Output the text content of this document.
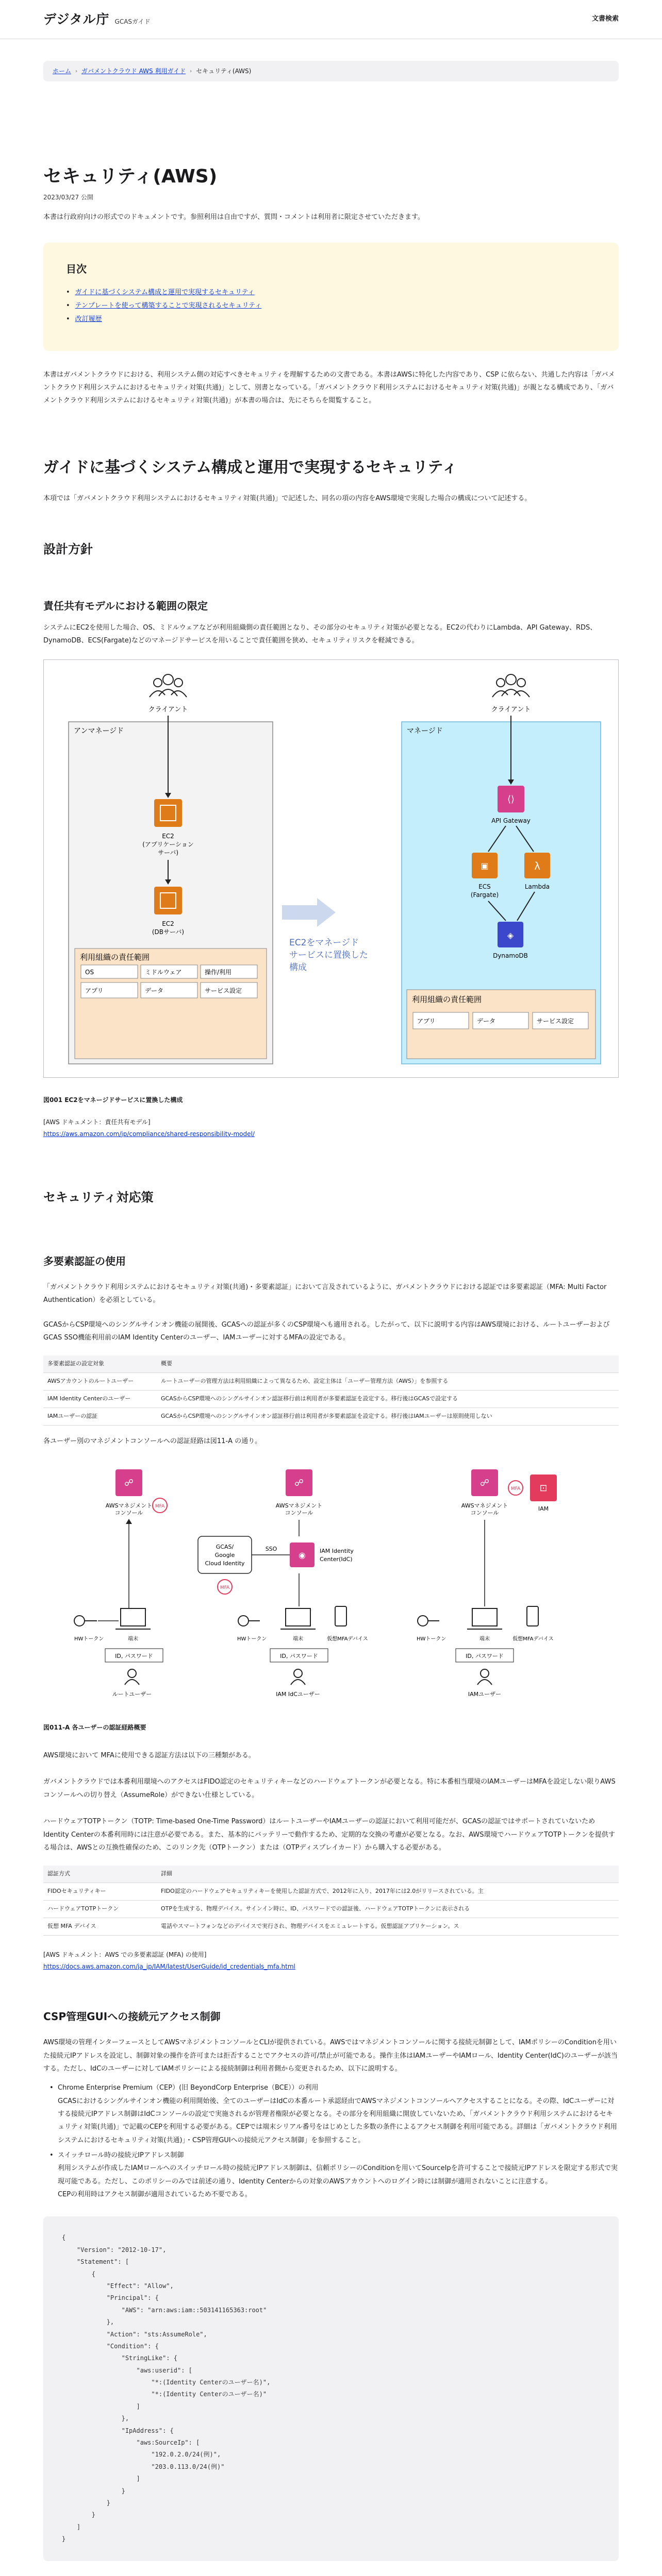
デジタル庁 GCASガイド	文書検索
ホーム › ガバメントクラウド AWS 利用ガイド › セキュリティ(AWS)
セキュリティ(AWS)
2023/03/27 公開

本書は行政府向けの形式でのドキュメントです。参照利用は自由ですが、質問・コメントは利用者に限定させていただきます。

目次
• ガイドに基づくシステム構成と運用で実現するセキュリティ
• テンプレートを使って構築することで実現されるセキュリティ
• 改訂履歴

本書はガバメントクラウドにおける、利用システム側の対応すべきセキュリティを理解するための文書である。本書はAWSに特化した内容であり、CSP に依らない、共通した内容は「ガバメントクラウド利用システムにおけるセキュリティ対策(共通)」として、別書となっている。「ガバメントクラウド利用システムにおけるセキュリティ対策(共通)」が親となる構成であり、「ガバメントクラウド利用システムにおけるセキュリティ対策(共通)」が本書の場合は、先にそちらを閲覧すること。

ガイドに基づくシステム構成と運用で実現するセキュリティ

本項では「ガバメントクラウド利用システムにおけるセキュリティ対策(共通)」で記述した、同名の項の内容をAWS環境で実現した場合の構成について記述する。

設計方針
責任共有モデルにおける範囲の限定

システムにEC2を使用した場合、OS、ミドルウェアなどが利用組織側の責任範囲となり、その部分のセキュリティ対策が必要となる。EC2の代わりにLambda、API Gateway、RDS、DynamoDB、ECS(Fargate)などのマネージドサービスを用いることで責任範囲を狭め、セキュリティリスクを軽減できる。

クライアント	クライアント
アンマネージド
EC2
(アプリケーション
サーバ)
EC2
(DBサーバ)
利用組織の責任範囲
OS	ミドルウェア	操作/利用
アプリ	データ	サービス設定
EC2をマネージド
サービスに置換した
構成
マネージド
⟨⟩
API Gateway
▣
ECS
(Fargate)
λ
Lambda
◈
DynamoDB
利用組織の責任範囲
アプリ	データ	サービス設定
図001 EC2をマネージドサービスに置換した構成
[AWS ドキュメント：責任共有モデル]
https://aws.amazon.com/jp/compliance/shared-responsibility-model/
セキュリティ対応策
多要素認証の使用

「ガバメントクラウド利用システムにおけるセキュリティ対策(共通)・多要素認証」において言及されているように、ガバメントクラウドにおける認証では多要素認証（MFA: Multi Factor Authentication）を必須としている。

GCASからCSP環境へのシングルサインオン機能の展開後、GCASへの認証が多くのCSP環境へも適用される。したがって、以下に説明する内容はAWS環境における、ルートユーザーおよびGCAS SSO機能利用前のIAM Identity Centerのユーザー、IAMユーザーに対するMFAの設定である。

多要素認証の設定対象	概要
AWSアカウントのルートユーザー	ルートユーザーの管理方法は利用組織によって異なるため、設定主体は「ユーザー管理方法（AWS）」を参照する
IAM Identity Centerのユーザー	GCASからCSP環境へのシングルサインオン認証移行前は利用者が多要素認証を設定する。移行後はGCASで設定する
IAMユーザーの認証	GCASからCSP環境へのシングルサインオン認証移行前は利用者が多要素認証を設定する。移行後はIAMユーザーは原則使用しない

各ユーザー別のマネジメントコンソールへの認証経路は図11-A の通り。

☍
AWSマネジメント
コンソール
MFA
☍
AWSマネジメント
コンソール
GCAS/
Google
Cloud Identity
SSO
◉ IAM Identity
Center(IdC)
MFA
☍
AWSマネジメント
コンソール
MFA ⊡
IAM
HWトークン	端末
ID, パスワード
ルートユーザー
HWトークン	端末	仮想MFAデバイス
ID, パスワード
IAM IdCユーザー
HWトークン	端末	仮想MFAデバイス
ID, パスワード
IAMユーザー
図011-A 各ユーザーの認証経路概要

AWS環境において MFAに使用できる認証方法は以下の三種類がある。

ガバメントクラウドでは本番利用環境へのアクセスはFIDO認定のセキュリティキーなどのハードウェアトークンが必要となる。特に本番相当環境のIAMユーザーはMFAを設定しない限りAWSコンソールへの切り替え（AssumeRole）ができない仕様としている。

ハードウェアTOTPトークン（TOTP: Time-based One-Time Password）はルートユーザーやIAMユーザーの認証において利用可能だが、GCASの認証ではサポートされていないためIdentity Centerの本番利用時には注意が必要である。また、基本的にバッテリーで動作するため、定期的な交換の考慮が必要となる。なお、AWS環境でハードウェアTOTPトークンを提供する場合は、AWSとの互換性確保のため、このリンク先（OTPトークン）または（OTPディスプレイカード）から購入する必要がある。

認証方式	詳細
FIDOセキュリティキー	FIDO認定のハードウェアセキュリティキーを使用した認証方式で、2012年に入り、2017年には2.0がリリースされている。主
ハードウェアTOTPトークン	OTPを生成する、物理デバイス。サインイン時に、ID、パスワードでの認証後、ハードウェアTOTPトークンに表示される
仮想 MFA デバイス	電話やスマートフォンなどのデバイスで実行され、物理デバイスをエミュレートする。仮想認証アプリケーション。ス
[AWS ドキュメント：AWS での多要素認証 (MFA) の使用]
https://docs.aws.amazon.com/ja_jp/IAM/latest/UserGuide/id_credentials_mfa.html
CSP管理GUIへの接続元アクセス制御

AWS環境の管理インターフェースとしてAWSマネジメントコンソールとCLIが提供されている。AWSではマネジメントコンソールに関する接続元制御として、IAMポリシーのConditionを用いた接続元IPアドレスを設定し、制御対象の操作を許可または拒否することでアクセスの許可/禁止が可能である。操作主体はIAMユーザーやIAMロール、Identity Center(IdC)のユーザーが該当する。ただし、IdCのユーザーに対してIAMポリシーによる接続制御は利用者側から変更されるため、以下に説明する。

• Chrome Enterprise Premium（CEP）(旧 BeyondCorp Enterprise（BCE））の利用
GCASにおけるシングルサインオン機能の利用開始後、全てのユーザーはIdCの本番ルート承認経由でAWSマネジメントコンソールへアクセスすることになる。その際、IdCユーザーに対する接続元IPアドレス制御はIdCコンソールの設定で実施されるが管理者権限が必要となる。その部分を利用組織に開放していないため、「ガバメントクラウド利用システムにおけるセキュリティ対策(共通)」で記載のCEPを利用する必要がある。CEPでは端末シリアル番号をはじめとした多数の条件によるアクセス制御を利用可能である。詳細は「ガバメントクラウド利用システムにおけるセキュリティ対策(共通)」・CSP管理GUIへの接続元アクセス制御」を参照すること。
• スイッチロール時の接続元IPアドレス制御
利用システムが作成したIAMロールへのスイッチロール時の接続元IPアドレス制御は、信頼ポリシーのConditionを用いてSourceIpを許可することで接続元IPアドレスを限定する形式で実現可能である。ただし、このポリシーのみでは前述の通り、Identity Centerからの対象のAWSアカウントへのログイン時には制御が適用されないことに注意する。
CEPの利用時はアクセス制御が適用されているため不要である。
{
"Version": "2012-10-17",
"Statement": [
{
"Effect": "Allow",
"Principal": {
"AWS": "arn:aws:iam::503141165363:root"
},
"Action": "sts:AssumeRole",
"Condition": {
"StringLike": {
"aws:userid": [
"*:(Identity Centerのユーザー名)",
"*:(Identity Centerのユーザー名)"
]
},
"IpAddress": {
"aws:SourceIp": [
"192.0.2.0/24(例)",
"203.0.113.0/24(例)"
]
}
}
}
]
}
